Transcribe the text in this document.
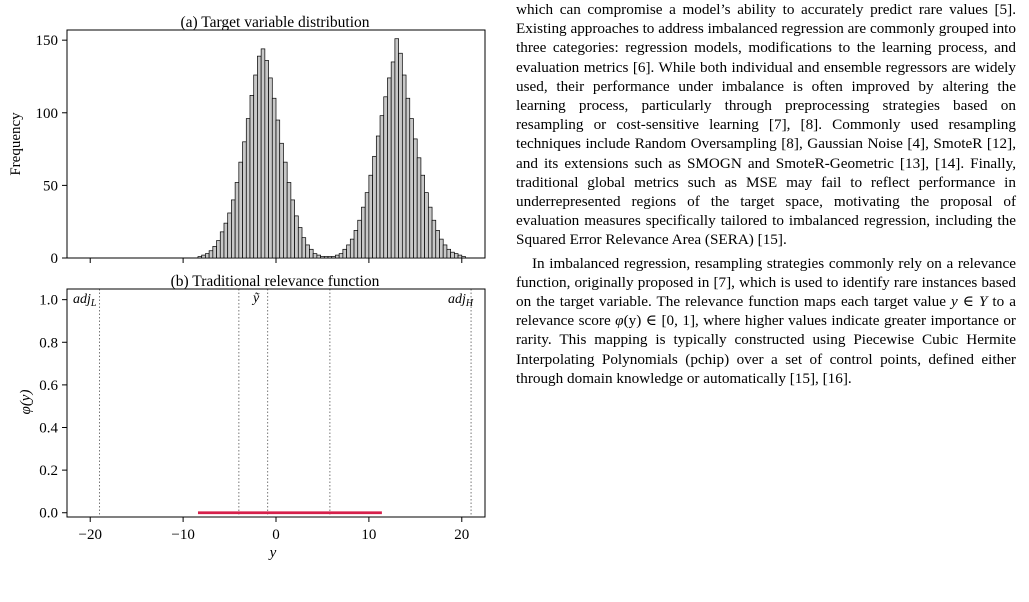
(a) Target variable distribution
0
50
100
150
Frequency
(b) Traditional relevance function
0.0
0.2
0.4
0.6
0.8
1.0
−20	−10	0	10	20
φ(y)
y
adj$_L$	ỹ	adj$_H$

which can compromise a model’s ability to accurately predict rare values [5]. Existing approaches to address imbalanced regression are commonly grouped into three categories: regression models, modifications to the learning process, and evaluation metrics [6]. While both individual and ensemble regressors are widely used, their performance under imbalance is often improved by altering the learning process, particularly through preprocessing strategies based on resampling or cost-sensitive learning [7], [8]. Commonly used resampling techniques include Random Oversampling [8], Gaussian Noise [4], SmoteR [12], and its extensions such as SMOGN and SmoteR-Geometric [13], [14]. Finally, traditional global metrics such as MSE may fail to reflect performance in underrepresented regions of the target space, motivating the proposal of evaluation measures specifically tailored to imbalanced regression, including the Squared Error Relevance Area (SERA) [15].

In imbalanced regression, resampling strategies commonly rely on a relevance function, originally proposed in [7], which is used to identify rare instances based on the target variable. The relevance function maps each target value y ∈ Y to a relevance score φ(y) ∈ [0, 1], where higher values indicate greater importance or rarity. This mapping is typically constructed using Piecewise Cubic Hermite Interpolating Polynomials (pchip) over a set of control points, defined either through domain knowledge or automatically [15], [16].
